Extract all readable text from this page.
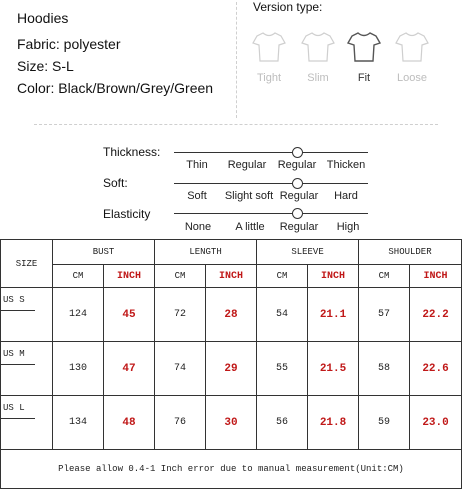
Hoodies
Fabric: polyester
Size: S-L
Color: Black/Brown/Grey/Green
Version type:
Tight	Slim	Fit	Loose
Thickness:
Thin Regular Regular Thicken
Soft:
Soft Slight soft Regular Hard
Elasticity
None A little Regular High
SIZE	BUST		LENGTH		SLEEVE		SHOULDER	
	CM	INCH	CM	INCH	CM	INCH	CM	INCH

US S	124	45	72	28	54	21.1	57	22.2

US M	130	47	74	29	55	21.5	58	22.6

US L	134	48	76	30	56	21.8	59	23.0
Please allow 0.4-1 Inch error due to manual measurement(Unit:CM)								
